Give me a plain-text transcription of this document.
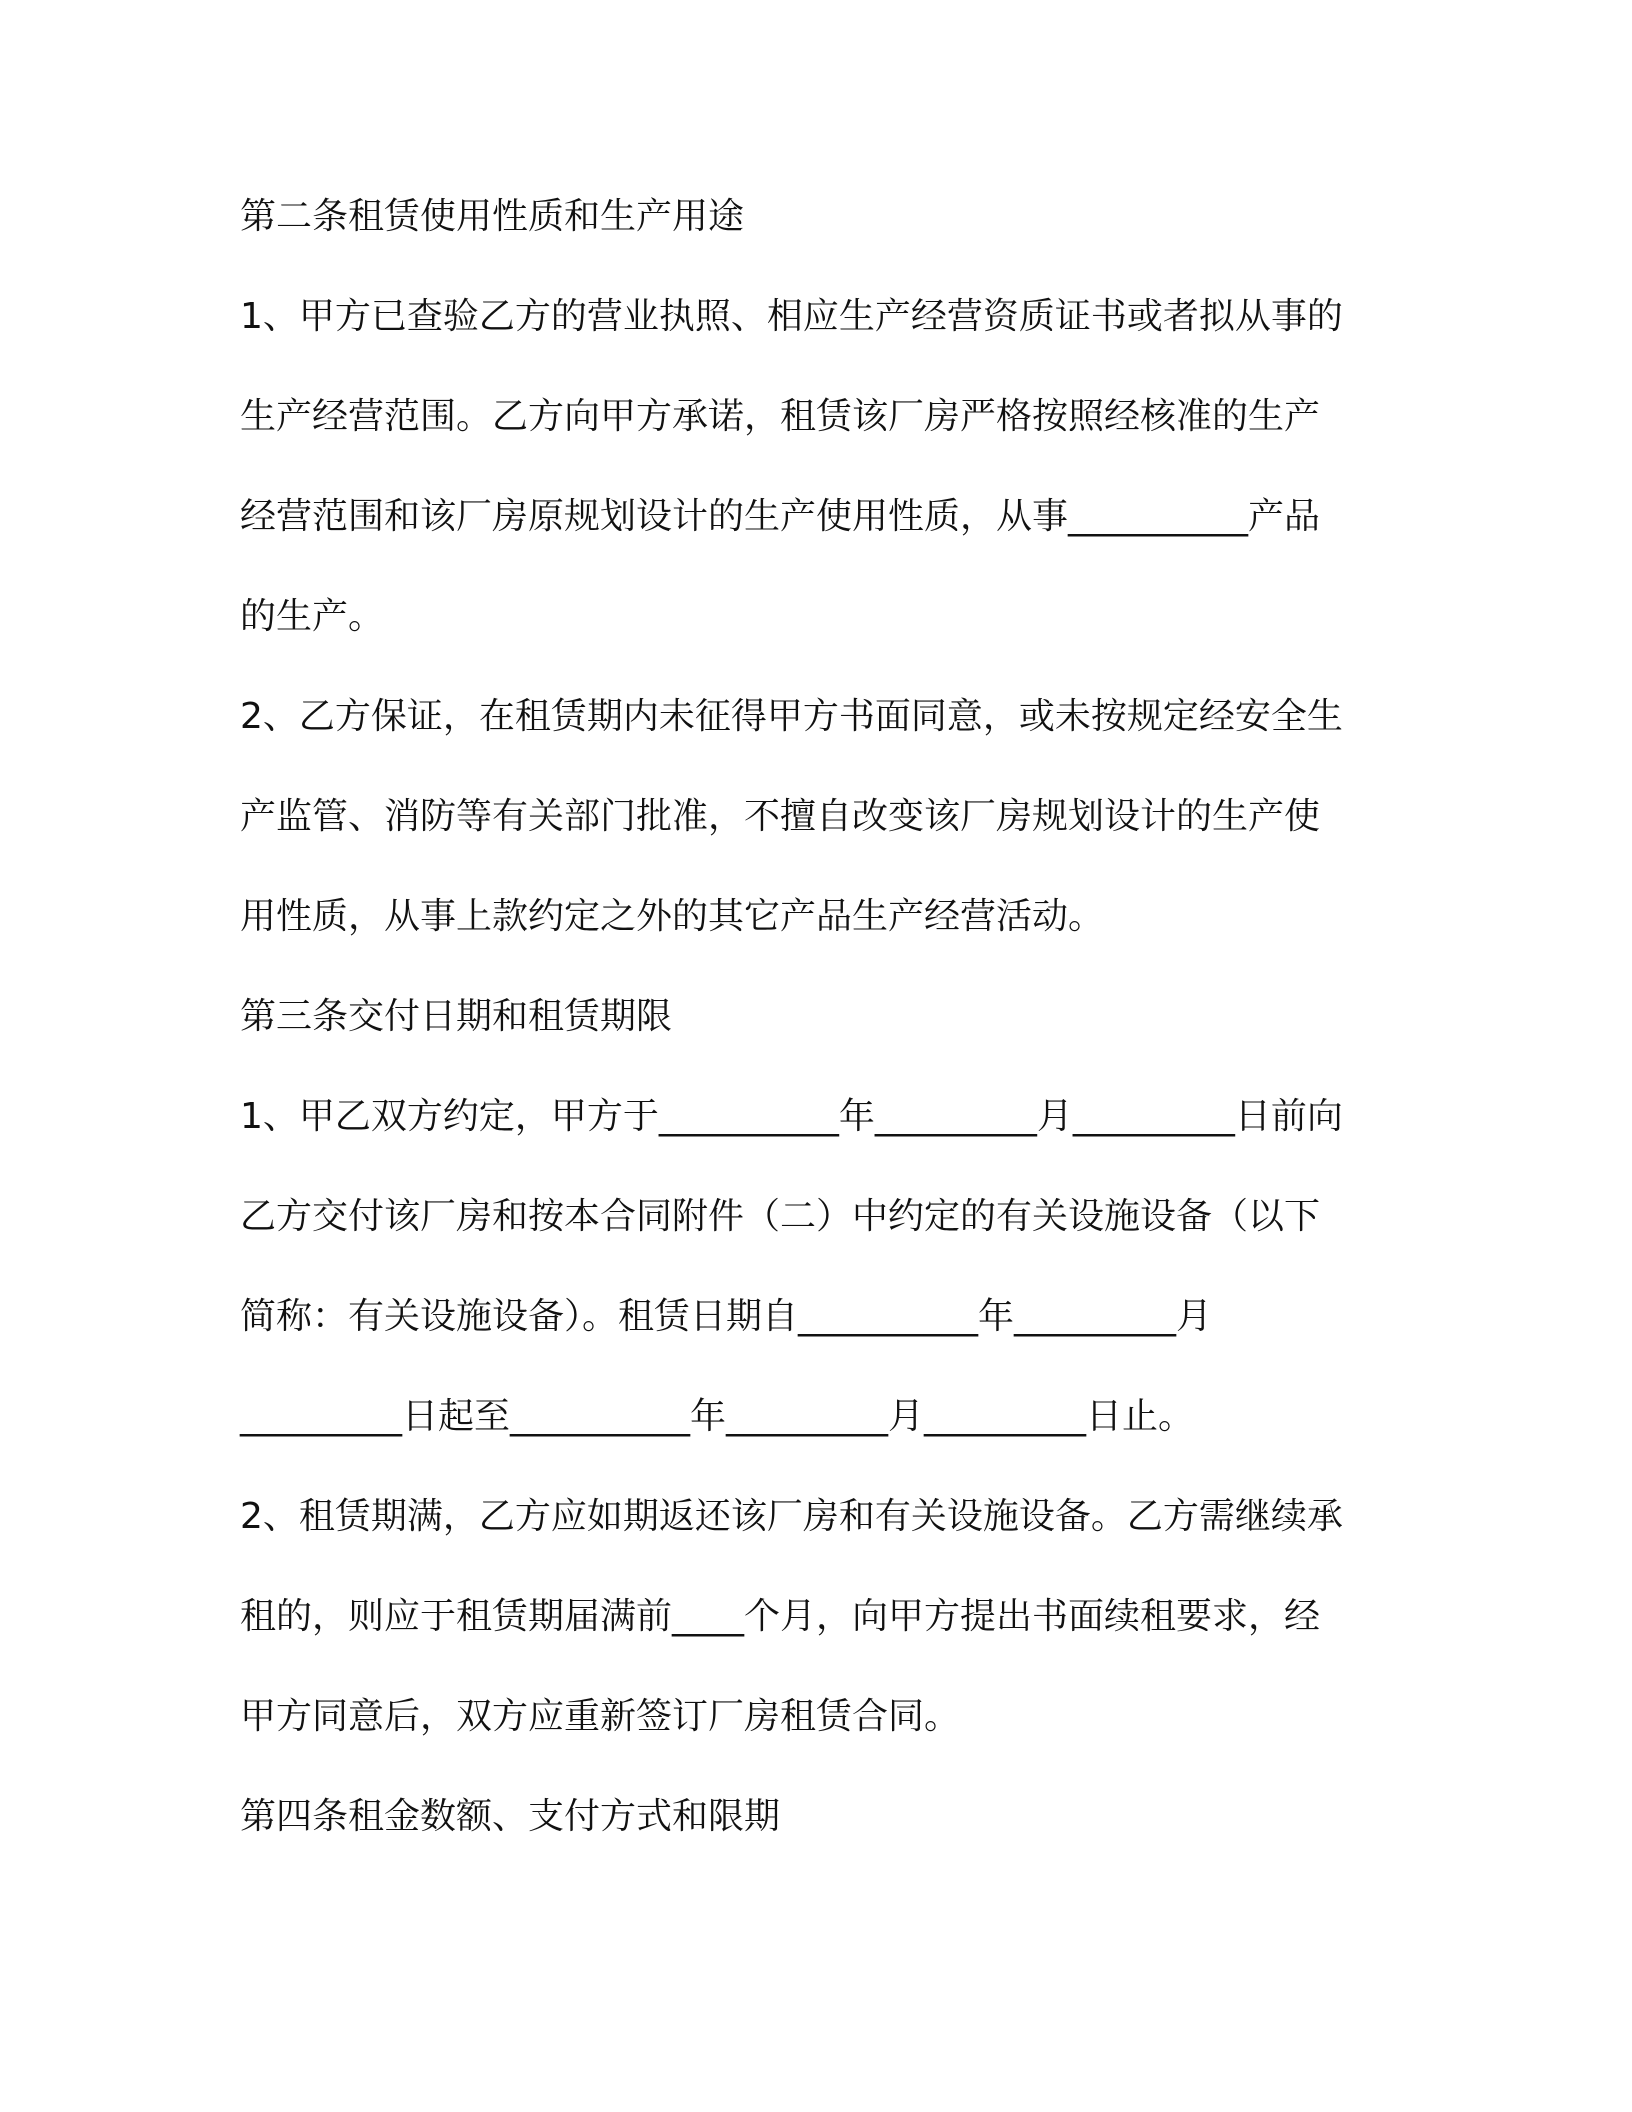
第二条租赁使用性质和生产用途
1、甲方已查验乙方的营业执照、相应生产经营资质证书或者拟从事的
生产经营范围。乙方向甲方承诺，租赁该厂房严格按照经核准的生产
经营范围和该厂房原规划设计的生产使用性质，从事__________产品
的生产。
2、乙方保证，在租赁期内未征得甲方书面同意，或未按规定经安全生
产监管、消防等有关部门批准，不擅自改变该厂房规划设计的生产使
用性质，从事上款约定之外的其它产品生产经营活动。
第三条交付日期和租赁期限
1、甲乙双方约定，甲方于__________年_________月_________日前向
乙方交付该厂房和按本合同附件（二）中约定的有关设施设备（以下
简称：有关设施设备）。租赁日期自__________年_________月
_________日起至__________年_________月_________日止。
2、租赁期满，乙方应如期返还该厂房和有关设施设备。乙方需继续承
租的，则应于租赁期届满前____个月，向甲方提出书面续租要求，经
甲方同意后，双方应重新签订厂房租赁合同。
第四条租金数额、支付方式和限期
